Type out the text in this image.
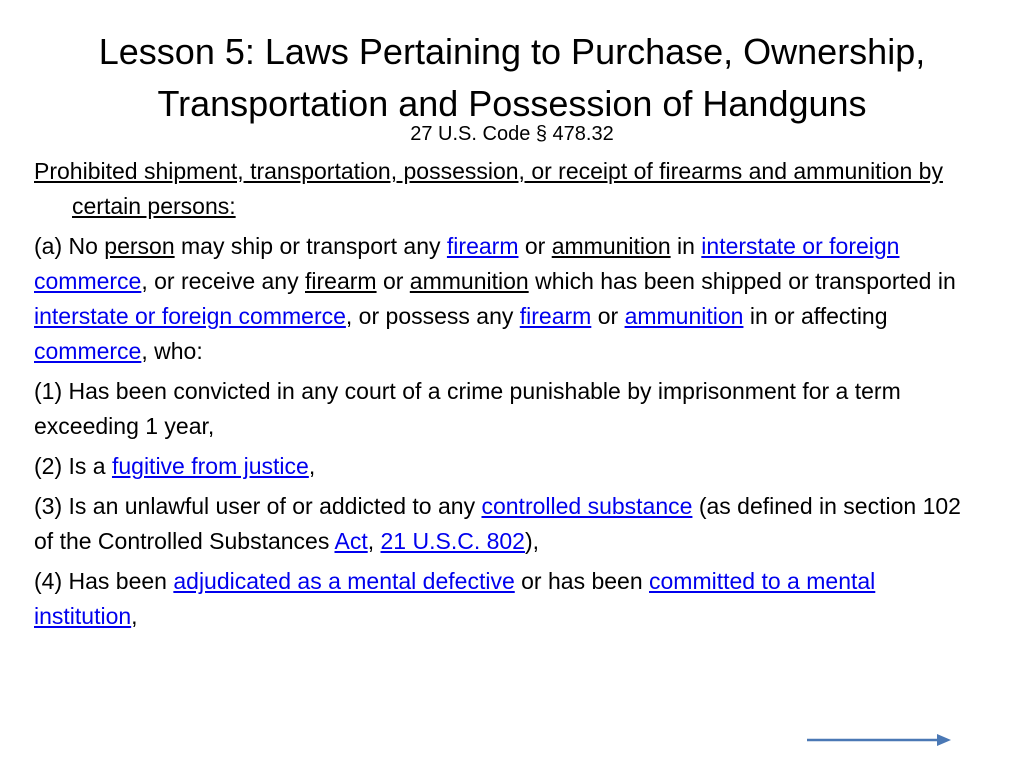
Lesson 5: Laws Pertaining to Purchase, Ownership,
Transportation and Possession of Handguns
27 U.S. Code § 478.32

Prohibited shipment, transportation, possession, or receipt of firearms and ammunition by certain persons:

(a) No person may ship or transport any firearm or ammunition in interstate or foreign commerce, or receive any firearm or ammunition which has been shipped or transported in interstate or foreign commerce, or possess any firearm or ammunition in or affecting commerce, who:

(1) Has been convicted in any court of a crime punishable by imprisonment for a term exceeding 1 year,

(2) Is a fugitive from justice,

(3) Is an unlawful user of or addicted to any controlled substance (as defined in section 102 of the Controlled Substances Act, 21 U.S.C. 802),

(4) Has been adjudicated as a mental defective or has been committed to a mental institution,
